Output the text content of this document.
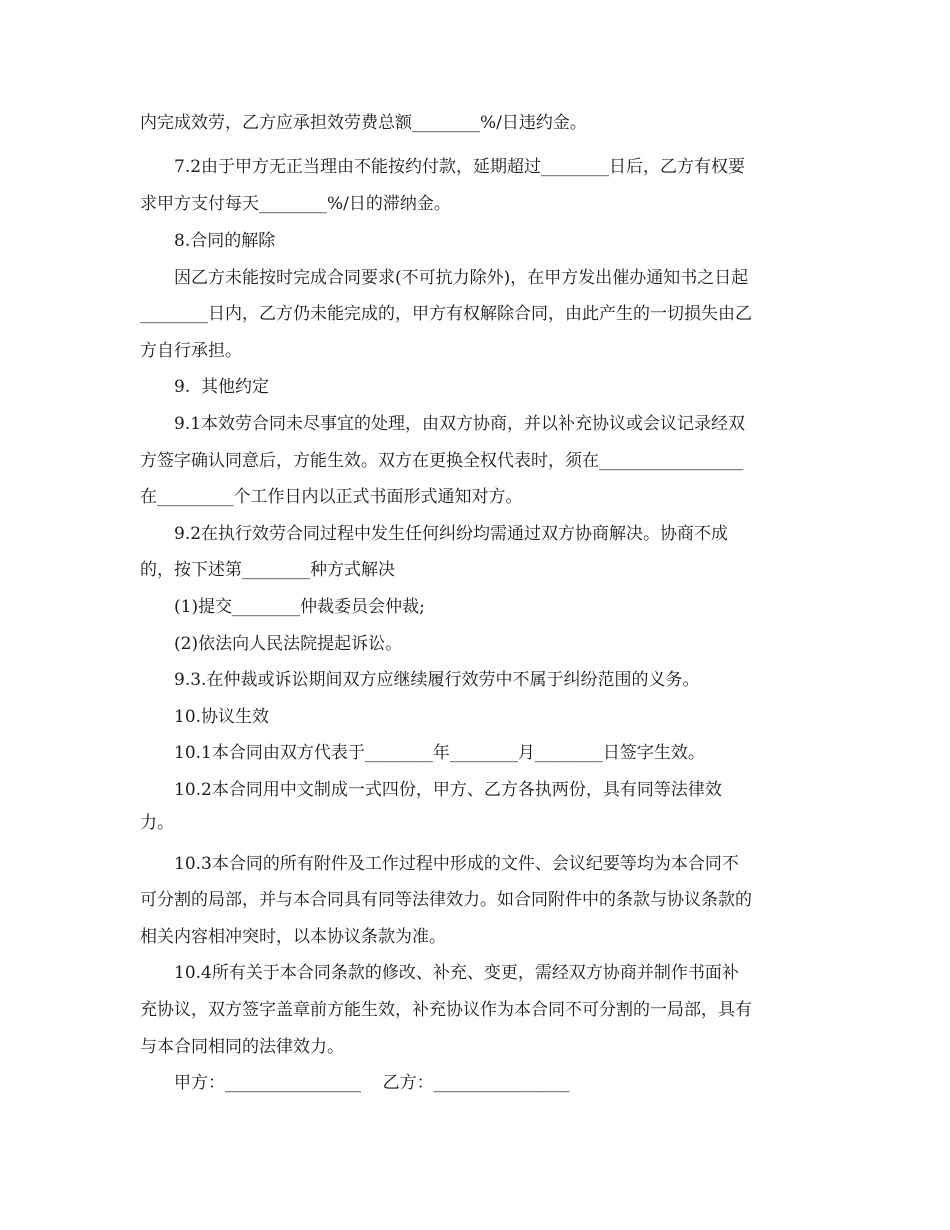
内完成效劳，乙方应承担效劳费总额________%/日违约金。
7.2由于甲方无正当理由不能按约付款，延期超过________日后，乙方有权要
求甲方支付每天________%/日的滞纳金。
8.合同的解除
因乙方未能按时完成合同要求(不可抗力除外)，在甲方发出催办通知书之日起
________日内，乙方仍未能完成的，甲方有权解除合同，由此产生的一切损失由乙
方自行承担。
9.  其他约定
9.1本效劳合同未尽事宜的处理，由双方协商，并以补充协议或会议记录经双
方签字确认同意后，方能生效。双方在更换全权代表时，须在_________________
在_________个工作日内以正式书面形式通知对方。
9.2在执行效劳合同过程中发生任何纠纷均需通过双方协商解决。协商不成
的，按下述第________种方式解决
(1)提交________仲裁委员会仲裁;
(2)依法向人民法院提起诉讼。
9.3.在仲裁或诉讼期间双方应继续履行效劳中不属于纠纷范围的义务。
10.协议生效
10.1本合同由双方代表于________年________月________日签字生效。
10.2本合同用中文制成一式四份，甲方、乙方各执两份，具有同等法律效
力。
10.3本合同的所有附件及工作过程中形成的文件、会议纪要等均为本合同不
可分割的局部，并与本合同具有同等法律效力。如合同附件中的条款与协议条款的
相关内容相冲突时，以本协议条款为准。
10.4所有关于本合同条款的修改、补充、变更，需经双方协商并制作书面补
充协议，双方签字盖章前方能生效，补充协议作为本合同不可分割的一局部，具有
与本合同相同的法律效力。
甲方：________________    乙方：________________
